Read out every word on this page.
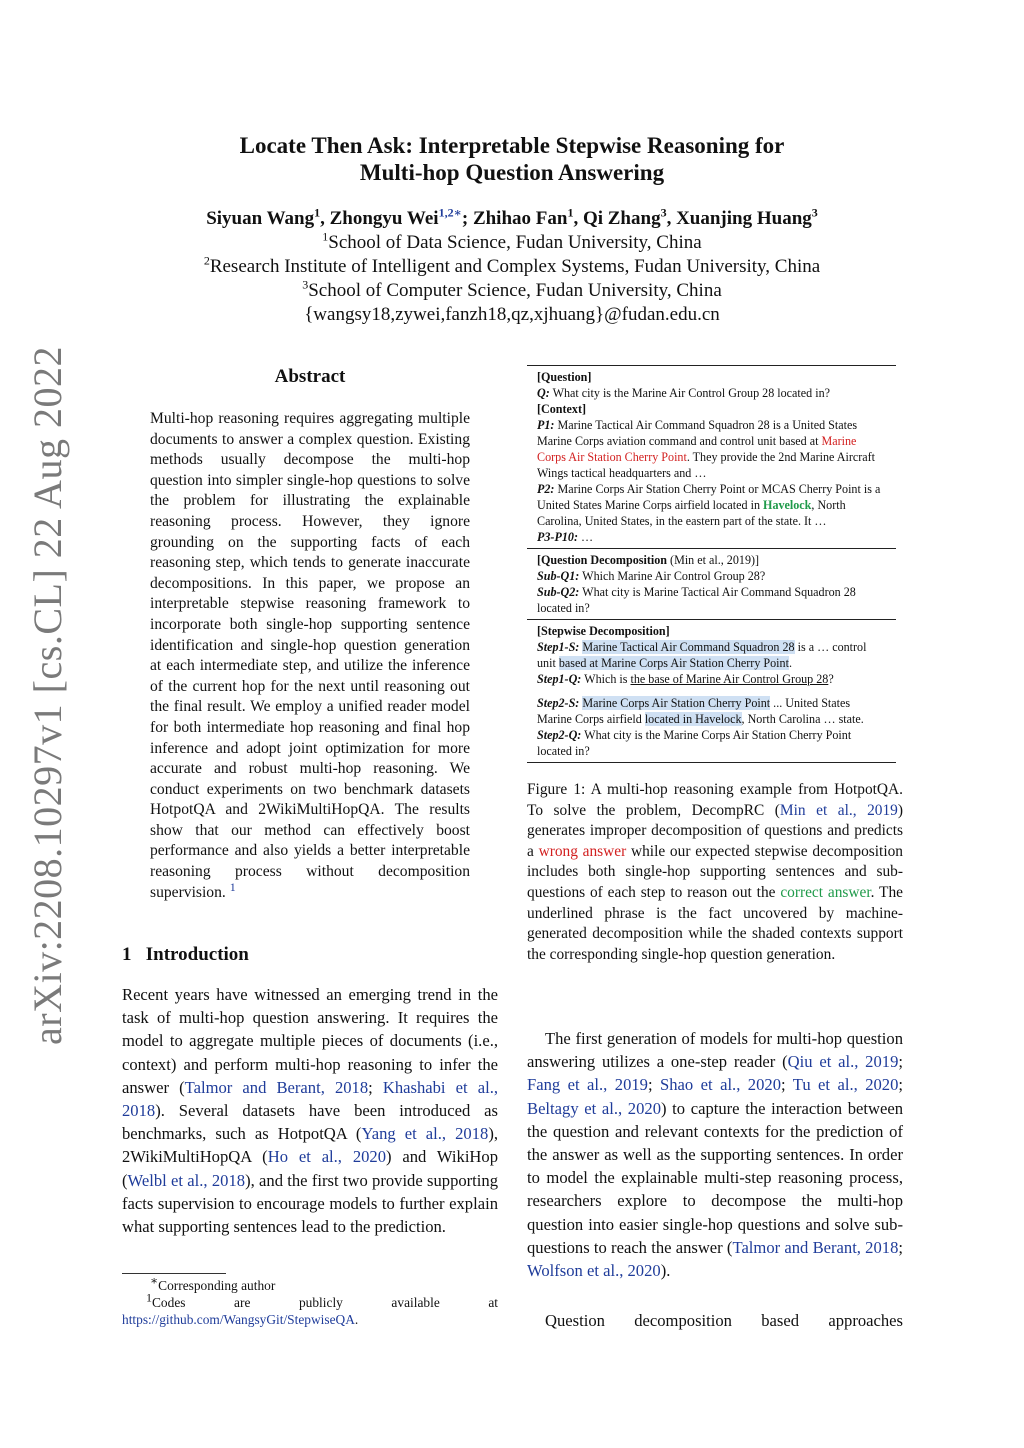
Locate Then Ask: Interpretable Stepwise Reasoning for
Multi-hop Question Answering
Siyuan Wang$^1$, Zhongyu Wei$^{1,2∗}$; Zhihao Fan$^1$, Qi Zhang$^3$, Xuanjing Huang$^3$
$^1$School of Data Science, Fudan University, China
$^2$Research Institute of Intelligent and Complex Systems, Fudan University, China
$^3$School of Computer Science, Fudan University, China
{wangsy18,zywei,fanzh18,qz,xjhuang}@fudan.edu.cn
arXiv:2208.10297v1 [cs.CL] 22 Aug 2022	Abstract
Multi-hop reasoning requires aggregating multiple documents to answer a complex question. Existing methods usually decompose the multi-hop question into simpler single-hop questions to solve the problem for illustrating the explainable reasoning process. However, they ignore grounding on the supporting facts of each reasoning step, which tends to generate inaccurate decompositions. In this paper, we propose an interpretable stepwise reasoning framework to incorporate both single-hop supporting sentence identification and single-hop question generation at each intermediate step, and utilize the inference of the current hop for the next until reasoning out the final result. We employ a unified reader model for both intermediate hop reasoning and final hop inference and adopt joint optimization for more accurate and robust multi-hop reasoning. We conduct experiments on two benchmark datasets HotpotQA and 2WikiMultiHopQA. The results show that our method can effectively boost performance and also yields a better interpretable reasoning process without decomposition supervision. $^1$
1 Introduction
Recent years have witnessed an emerging trend in the task of multi-hop question answering. It requires the model to aggregate multiple pieces of documents (i.e., context) and perform multi-hop reasoning to infer the answer (Talmor and Berant, 2018; Khashabi et al., 2018). Several datasets have been introduced as benchmarks, such as HotpotQA (Yang et al., 2018), 2WikiMultiHopQA (Ho et al., 2020) and WikiHop (Welbl et al., 2018), and the first two provide supporting facts supervision to encourage models to further explain what supporting sentences lead to the prediction.
∗Corresponding author
$^1$Codes are publicly available at https://github.com/WangsyGit/StepwiseQA.
[Question]
Q: What city is the Marine Air Control Group 28 located in?
[Context]
P1: Marine Tactical Air Command Squadron 28 is a United States Marine Corps aviation command and control unit based at Marine Corps Air Station Cherry Point. They provide the 2nd Marine Aircraft Wings tactical headquarters and …
P2: Marine Corps Air Station Cherry Point or MCAS Cherry Point is a United States Marine Corps airfield located in Havelock, North Carolina, United States, in the eastern part of the state. It …
P3-P10: …
[Question Decomposition (Min et al., 2019)]
Sub-Q1: Which Marine Air Control Group 28?
Sub-Q2: What city is Marine Tactical Air Command Squadron 28 located in?
[Stepwise Decomposition]
Step1-S: Marine Tactical Air Command Squadron 28 is a … control unit based at Marine Corps Air Station Cherry Point.
Step1-Q: Which is the base of Marine Air Control Group 28?
Step2-S: Marine Corps Air Station Cherry Point ... United States Marine Corps airfield located in Havelock, North Carolina … state.
Step2-Q: What city is the Marine Corps Air Station Cherry Point located in?
Figure 1: A multi-hop reasoning example from HotpotQA. To solve the problem, DecompRC (Min et al., 2019) generates improper decomposition of questions and predicts a wrong answer while our expected stepwise decomposition includes both single-hop supporting sentences and sub-questions of each step to reason out the correct answer. The underlined phrase is the fact uncovered by machine-generated decomposition while the shaded contexts support the corresponding single-hop question generation.
The first generation of models for multi-hop question answering utilizes a one-step reader (Qiu et al., 2019; Fang et al., 2019; Shao et al., 2020; Tu et al., 2020; Beltagy et al., 2020) to capture the interaction between the question and relevant contexts for the prediction of the answer as well as the supporting sentences. In order to model the explainable multi-step reasoning process, researchers explore to decompose the multi-hop question into easier single-hop questions and solve sub-questions to reach the answer (Talmor and Berant, 2018; Wolfson et al., 2020).
Question decomposition based approaches
